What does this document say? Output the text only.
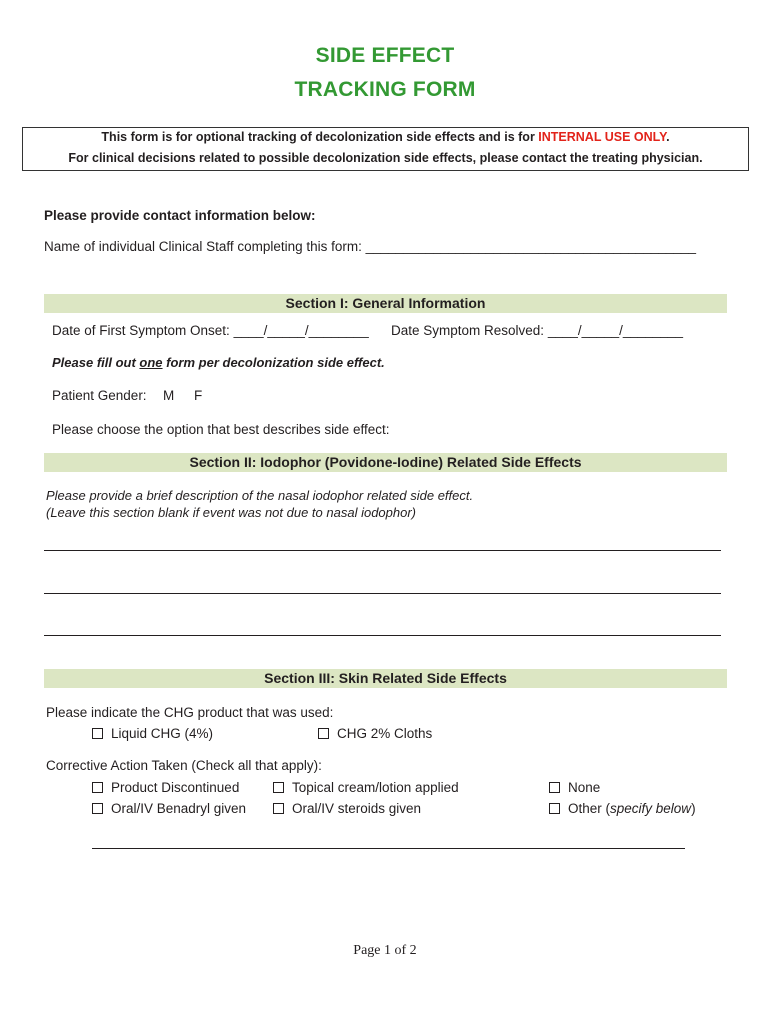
SIDE EFFECT
TRACKING FORM
This form is for optional tracking of decolonization side effects and is for INTERNAL USE ONLY.
For clinical decisions related to possible decolonization side effects, please contact the treating physician.
Please provide contact information below:
Name of individual Clinical Staff completing this form: ____________________________________________
Section I: General Information
Date of First Symptom Onset: ____/_____/________ Date Symptom Resolved: ____/_____/________
Please fill out one form per decolonization side effect.
Patient Gender: M F
Please choose the option that best describes side effect:
Section II: Iodophor (Povidone-Iodine) Related Side Effects
Please provide a brief description of the nasal iodophor related side effect.
(Leave this section blank if event was not due to nasal iodophor)
Section III: Skin Related Side Effects
Please indicate the CHG product that was used:
Liquid CHG (4%)	CHG 2% Cloths
Corrective Action Taken (Check all that apply):
Product Discontinued	Topical cream/lotion applied	None
Oral/IV Benadryl given	Oral/IV steroids given	Other (specify below)
Page 1 of 2
